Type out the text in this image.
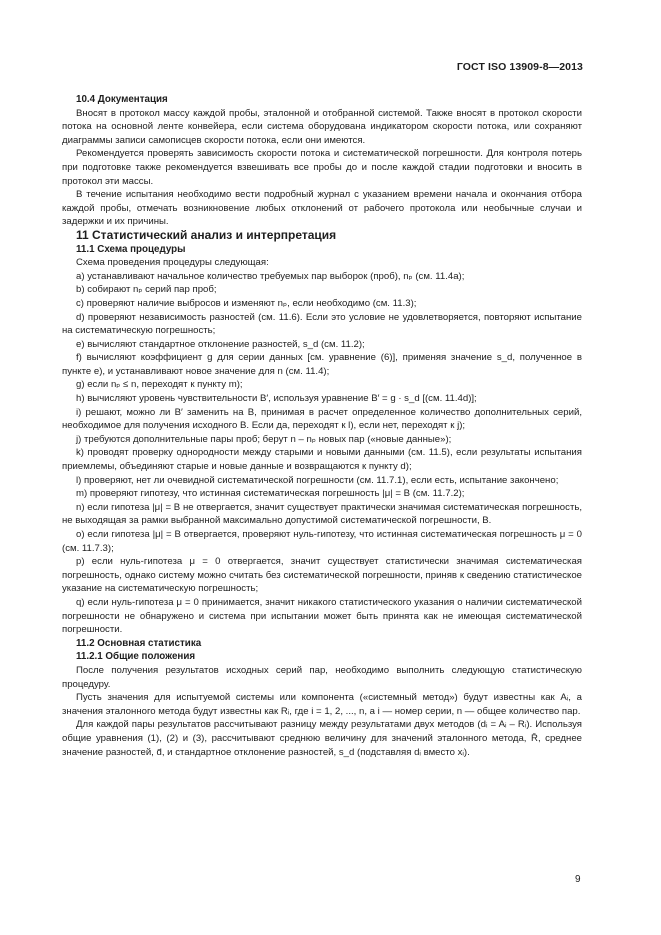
ГОСТ ISO 13909-8—2013

10.4 Документация

Вносят в протокол массу каждой пробы, эталонной и отобранной системой. Также вносят в протокол скорости потока на основной ленте конвейера, если система оборудована индикатором скорости потока, или сохраняют диаграммы записи самописцев скорости потока, если они имеются.

Рекомендуется проверять зависимость скорости потока и систематической погрешности. Для контроля потерь при подготовке также рекомендуется взвешивать все пробы до и после каждой стадии подготовки и вносить в протокол эти массы.

В течение испытания необходимо вести подробный журнал с указанием времени начала и окончания отбора каждой пробы, отмечать возникновение любых отклонений от рабочего протокола или необычные случаи и задержки и их причины.

11 Статистический анализ и интерпретация

11.1 Схема процедуры

Схема проведения процедуры следующая:

a) устанавливают начальное количество требуемых пар выборок (проб), nₚ (см. 11.4а);

b) собирают nₚ серий пар проб;

c) проверяют наличие выбросов и изменяют nₚ, если необходимо (см. 11.3);

d) проверяют независимость разностей (см. 11.6). Если это условие не удовлетворяется, повторяют испытание на систематическую погрешность;

e) вычисляют стандартное отклонение разностей, s_d (см. 11.2);

f) вычисляют коэффициент g для серии данных [см. уравнение (6)], применяя значение s_d, полученное в пункте e), и устанавливают новое значение для n (см. 11.4);

g) если nₚ ≤ n, переходят к пункту m);

h) вычисляют уровень чувствительности B′, используя уравнение B′ = g · s_d [(см. 11.4d)];

i) решают, можно ли B′ заменить на B, принимая в расчет определенное количество дополнительных серий, необходимое для получения исходного B. Если да, переходят к l), если нет, переходят к j);

j) требуются дополнительные пары проб; берут n – nₚ новых пар («новые данные»);

k) проводят проверку однородности между старыми и новыми данными (см. 11.5), если результаты испытания приемлемы, объединяют старые и новые данные и возвращаются к пункту d);

l) проверяют, нет ли очевидной систематической погрешности (см. 11.7.1), если есть, испытание закончено;

m) проверяют гипотезу, что истинная систематическая погрешность |μ| = B (см. 11.7.2);

n) если гипотеза |μ| = B не отвергается, значит существует практически значимая систематическая погрешность, не выходящая за рамки выбранной максимально допустимой систематической погрешности, B.

o) если гипотеза |μ| = B отвергается, проверяют нуль-гипотезу, что истинная систематическая погрешность μ = 0 (см. 11.7.3);

p) если нуль-гипотеза μ = 0 отвергается, значит существует статистически значимая систематическая погрешность, однако систему можно считать без систематической погрешности, приняв к сведению статистическое указание на систематическую погрешность;

q) если нуль-гипотеза μ = 0 принимается, значит никакого статистического указания о наличии систематической погрешности не обнаружено и система при испытании может быть принята как не имеющая систематической погрешности.

11.2 Основная статистика

11.2.1 Общие положения

После получения результатов исходных серий пар, необходимо выполнить следующую статистическую процедуру.

Пусть значения для испытуемой системы или компонента («системный метод») будут известны как Aᵢ, а значения эталонного метода будут известны как Rᵢ, где i = 1, 2, ..., n, а i — номер серии, n — общее количество пар.

Для каждой пары результатов рассчитывают разницу между результатами двух методов (dᵢ = Aᵢ – Rᵢ). Используя общие уравнения (1), (2) и (3), рассчитывают среднюю величину для значений эталонного метода, R̄, среднее значение разностей, d̄, и стандартное отклонение разностей, s_d (подставляя dᵢ вместо xᵢ).

9
